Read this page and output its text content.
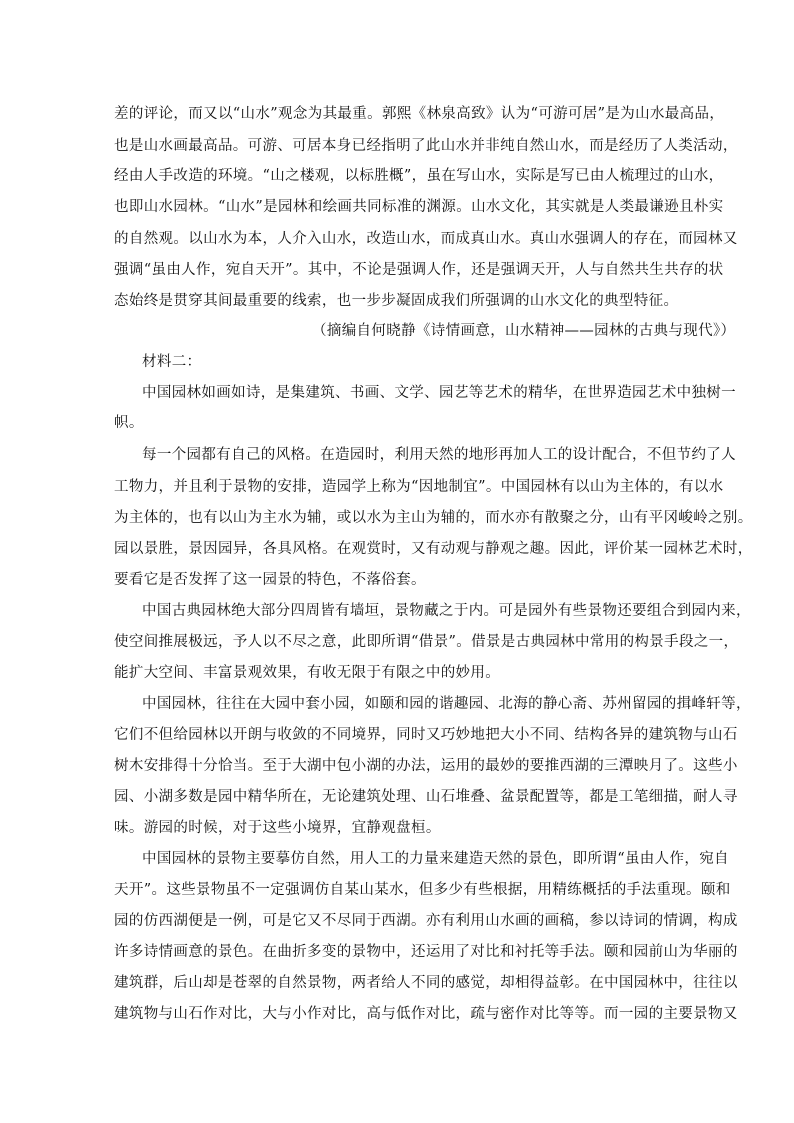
差的评论，而又以“山水”观念为其最重。郭熙《林泉高致》认为“可游可居”是为山水最高品，
也是山水画最高品。可游、可居本身已经指明了此山水并非纯自然山水，而是经历了人类活动，
经由人手改造的环境。“山之楼观，以标胜概”，虽在写山水，实际是写已由人梳理过的山水，
也即山水园林。“山水”是园林和绘画共同标准的渊源。山水文化，其实就是人类最谦逊且朴实
的自然观。以山水为本，人介入山水，改造山水，而成真山水。真山水强调人的存在，而园林又
强调“虽由人作，宛自天开”。其中，不论是强调人作，还是强调天开，人与自然共生共存的状
态始终是贯穿其间最重要的线索，也一步步凝固成我们所强调的山水文化的典型特征。
（摘编自何晓静《诗情画意，山水精神——园林的古典与现代》）
材料二：
中国园林如画如诗，是集建筑、书画、文学、园艺等艺术的精华，在世界造园艺术中独树一
帜。
每一个园都有自己的风格。在造园时，利用天然的地形再加人工的设计配合，不但节约了人
工物力，并且利于景物的安排，造园学上称为“因地制宜”。中国园林有以山为主体的，有以水
为主体的，也有以山为主水为辅，或以水为主山为辅的，而水亦有散聚之分，山有平冈峻岭之别。
园以景胜，景因园异，各具风格。在观赏时，又有动观与静观之趣。因此，评价某一园林艺术时，
要看它是否发挥了这一园景的特色，不落俗套。
中国古典园林绝大部分四周皆有墙垣，景物藏之于内。可是园外有些景物还要组合到园内来，
使空间推展极远，予人以不尽之意，此即所谓“借景”。借景是古典园林中常用的构景手段之一，
能扩大空间、丰富景观效果，有收无限于有限之中的妙用。
中国园林，往往在大园中套小园，如颐和园的谐趣园、北海的静心斋、苏州留园的揖峰轩等，
它们不但给园林以开朗与收敛的不同境界，同时又巧妙地把大小不同、结构各异的建筑物与山石
树木安排得十分恰当。至于大湖中包小湖的办法，运用的最妙的要推西湖的三潭映月了。这些小
园、小湖多数是园中精华所在，无论建筑处理、山石堆叠、盆景配置等，都是工笔细描，耐人寻
味。游园的时候，对于这些小境界，宜静观盘桓。
中国园林的景物主要摹仿自然，用人工的力量来建造天然的景色，即所谓“虽由人作，宛自
天开”。这些景物虽不一定强调仿自某山某水，但多少有些根据，用精练概括的手法重现。颐和
园的仿西湖便是一例，可是它又不尽同于西湖。亦有利用山水画的画稿，参以诗词的情调，构成
许多诗情画意的景色。在曲折多变的景物中，还运用了对比和衬托等手法。颐和园前山为华丽的
建筑群，后山却是苍翠的自然景物，两者给人不同的感觉，却相得益彰。在中国园林中，往往以
建筑物与山石作对比，大与小作对比，高与低作对比，疏与密作对比等等。而一园的主要景物又
